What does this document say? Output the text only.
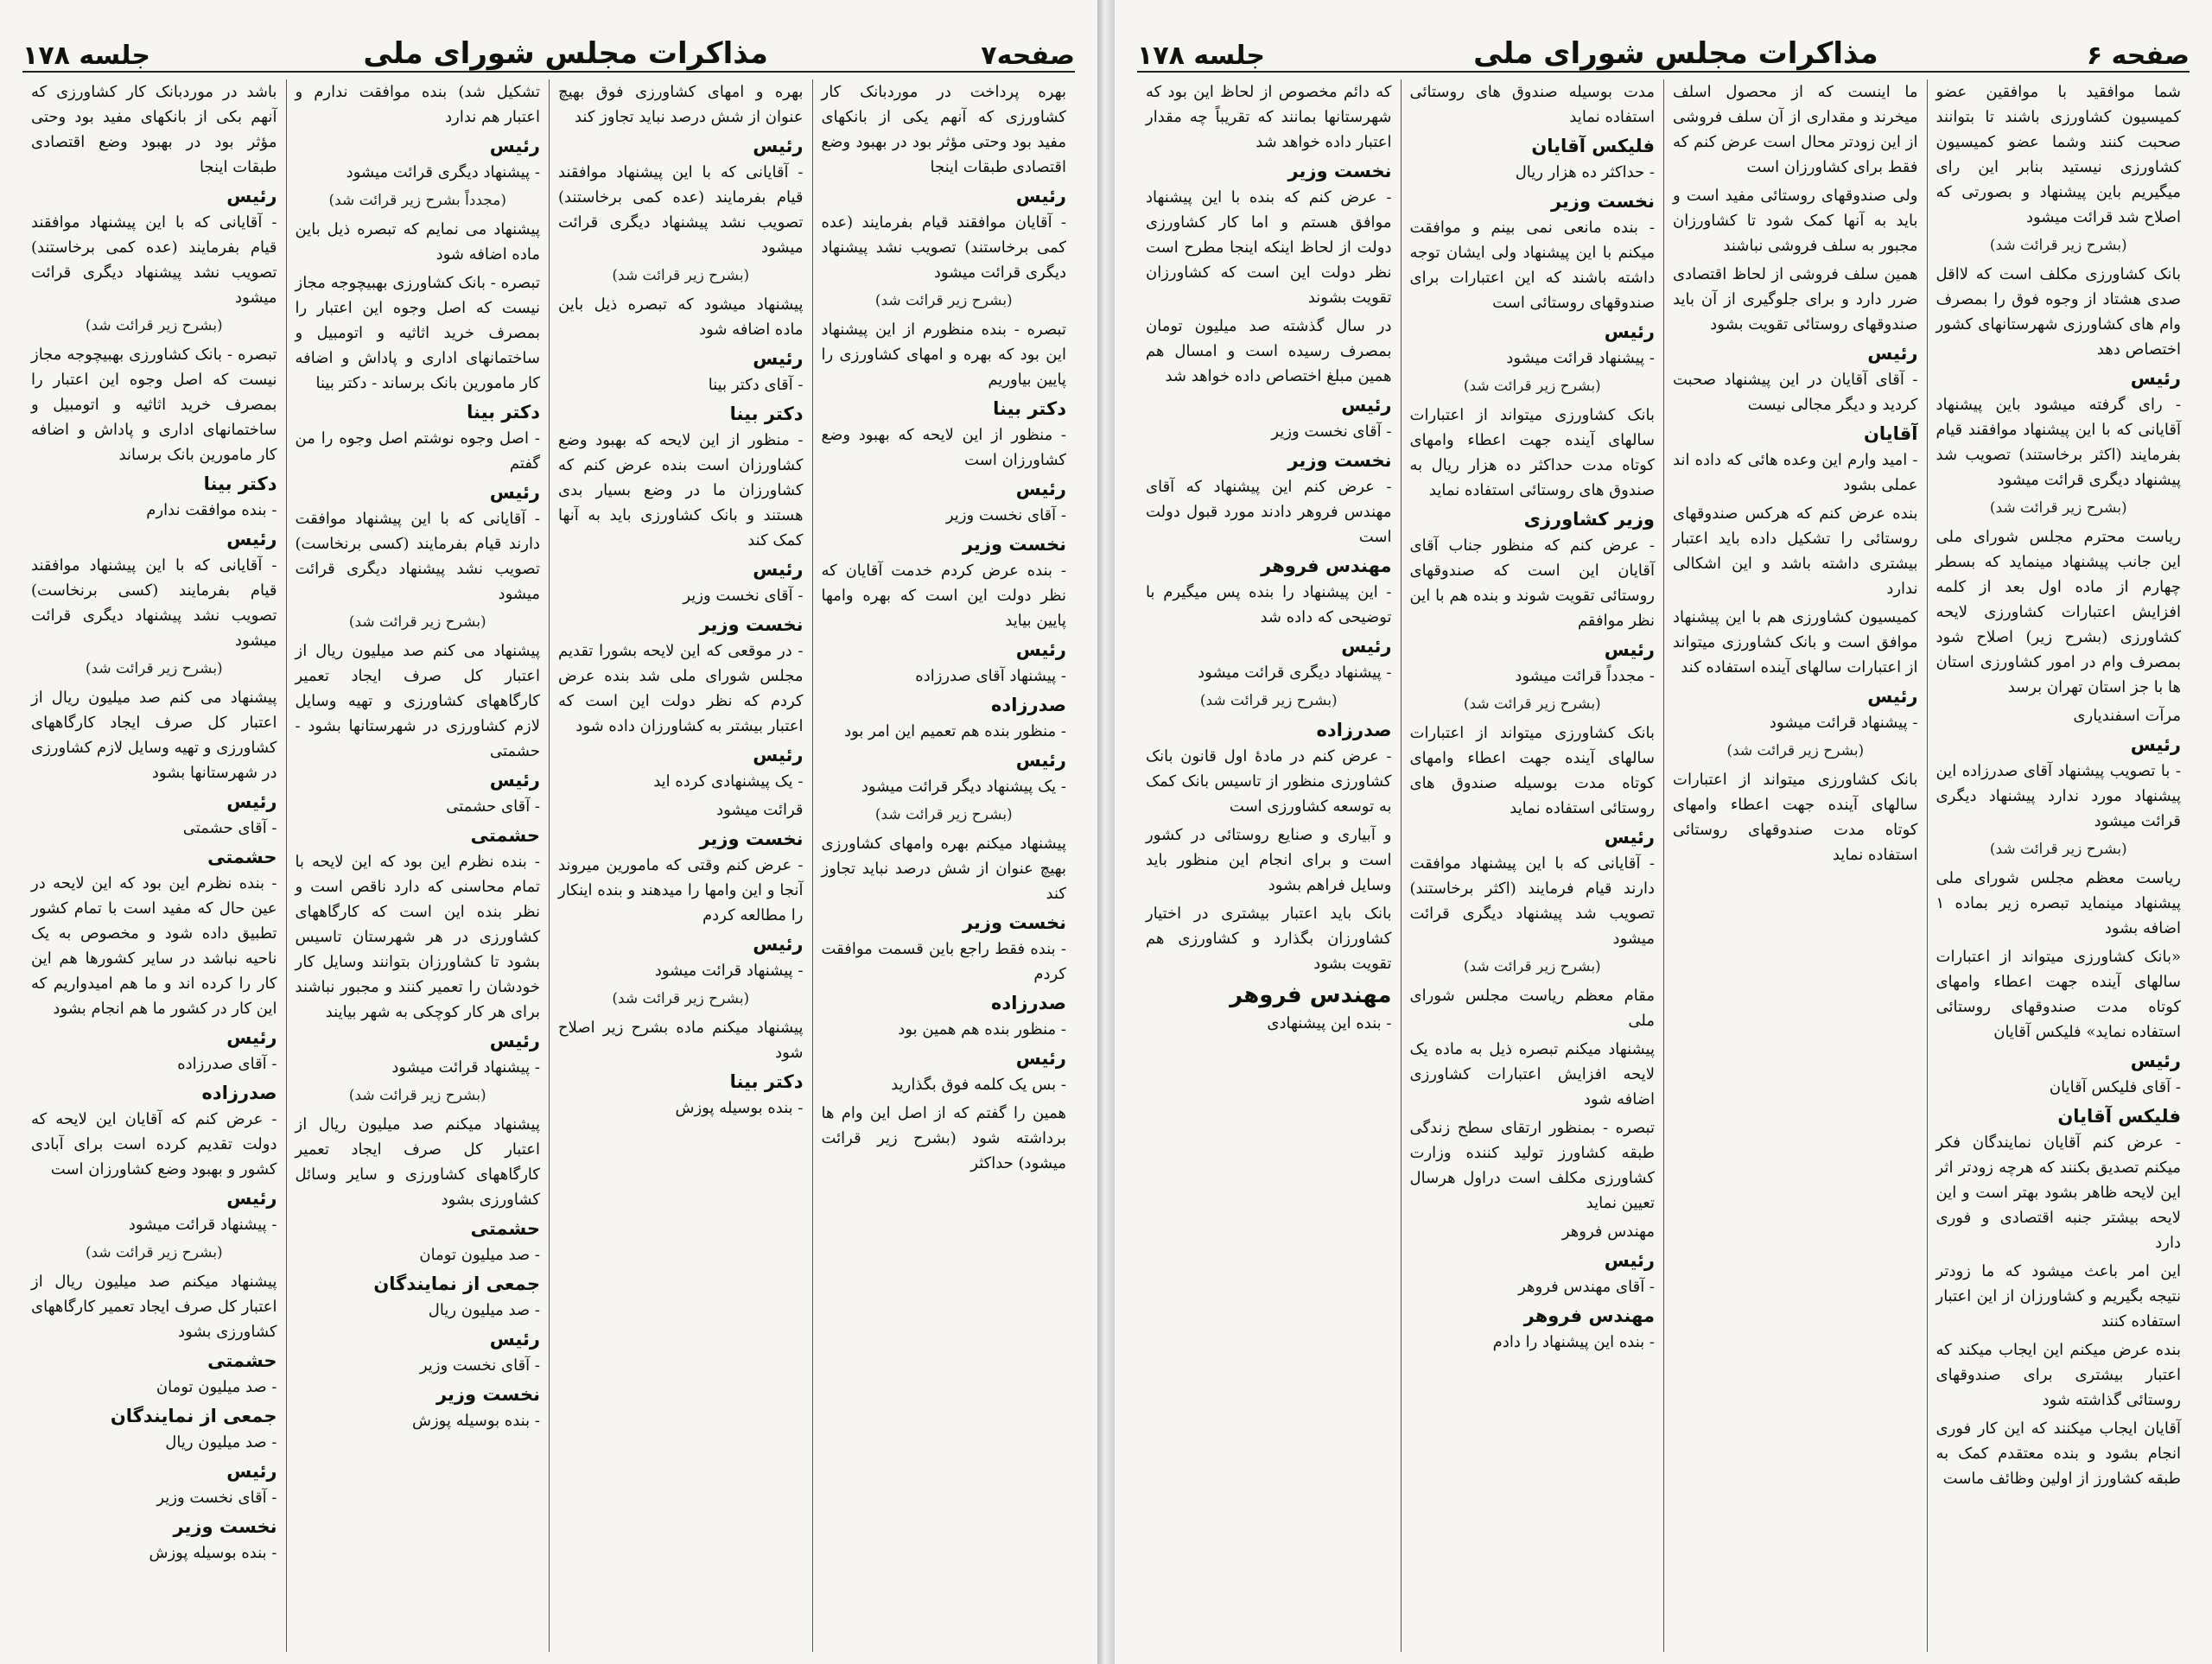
صفحه۷
مذاکرات مجلس شورای ملی
جلسه ۱۷۸

بهره پرداخت در موردبانک کار کشاورزی که آنهم یکی از بانکهای مفید بود وحتی مؤثر بود در بهبود وضع اقتصادی طبقات اینجا

رئیس

- آقایان موافقند قیام بفرمایند (عده کمی برخاستند) تصویب نشد پیشنهاد دیگری قرائت میشود

(بشرح زیر قرائت شد)

تبصره - بنده منظورم از این پیشنهاد این بود که بهره و امهای کشاورزی را پایین بیاوریم

دکتر بینا

- منظور از این لایحه که بهبود وضع کشاورزان است

رئیس

- آقای نخست وزیر

نخست وزیر

- بنده عرض کردم خدمت آقایان که نظر دولت این است که بهره وامها پایین بیاید

رئیس

- پیشنهاد آقای صدرزاده

صدرزاده

- منظور بنده هم تعمیم این امر بود

رئیس

- یک پیشنهاد دیگر قرائت میشود

(بشرح زیر قرائت شد)

پیشنهاد میکنم بهره وامهای کشاورزی بهیچ عنوان از شش درصد نباید تجاوز کند

نخست وزیر

- بنده فقط راجع باین قسمت موافقت کردم

صدرزاده

- منظور بنده هم همین بود

رئیس

- بس یک کلمه فوق بگذارید

همین را گفتم که از اصل این وام ها برداشته شود (بشرح زیر قرائت میشود) حداکثر

بهره و امهای کشاورزی فوق بهیچ عنوان از شش درصد نباید تجاوز کند

رئیس

- آقایانی که با این پیشنهاد موافقند قیام بفرمایند (عده کمی برخاستند) تصویب نشد پیشنهاد دیگری قرائت میشود

(بشرح زیر قرائت شد)

پیشنهاد میشود که تبصره ذیل باین ماده اضافه شود

رئیس

- آقای دکتر بینا

دکتر بینا

- منظور از این لایحه که بهبود وضع کشاورزان است بنده عرض کنم که کشاورزان ما در وضع بسیار بدی هستند و بانک کشاورزی باید به آنها کمک کند

رئیس

- آقای نخست وزیر

نخست وزیر

- در موقعی که این لایحه بشورا تقدیم مجلس شورای ملی شد بنده عرض کردم که نظر دولت این است که اعتبار بیشتر به کشاورزان داده شود

رئیس

- یک پیشنهادی کرده اید

قرائت میشود

نخست وزیر

- عرض کنم وقتی که مامورین میروند آنجا و این وامها را میدهند و بنده اینکار را مطالعه کردم

رئیس

- پیشنهاد قرائت میشود

(بشرح زیر قرائت شد)

پیشنهاد میکنم ماده بشرح زیر اصلاح شود

دکتر بینا

- بنده بوسیله پوزش

تشکیل شد) بنده موافقت ندارم و اعتبار هم ندارد

رئیس

- پیشنهاد دیگری قرائت میشود

(مجدداً بشرح زیر قرائت شد)

پیشنهاد می نمایم که تبصره ذیل باین ماده اضافه شود

تبصره - بانک کشاورزی بهبیچوجه مجاز نیست که اصل وجوه این اعتبار را بمصرف خرید اثاثیه و اتومبیل و ساختمانهای اداری و پاداش و اضافه کار مامورین بانک برساند - دکتر بینا

دکتر بینا

- اصل وجوه نوشتم اصل وجوه را من گفتم

رئیس

- آقایانی که با این پیشنهاد موافقت دارند قیام بفرمایند (کسی برنخاست) تصویب نشد پیشنهاد دیگری قرائت میشود

(بشرح زیر قرائت شد)

پیشنهاد می کنم صد میلیون ریال از اعتبار کل صرف ایجاد تعمیر کارگاههای کشاورزی و تهیه وسایل لازم کشاورزی در شهرستانها بشود - حشمتی

رئیس

- آقای حشمتی

حشمتی

- بنده نظرم این بود که این لایحه با تمام محاسنی که دارد ناقص است و نظر بنده این است که کارگاههای کشاورزی در هر شهرستان تاسیس بشود تا کشاورزان بتوانند وسایل کار خودشان را تعمیر کنند و مجبور نباشند برای هر کار کوچکی به شهر بیایند

رئیس

- پیشنهاد قرائت میشود

(بشرح زیر قرائت شد)

پیشنهاد میکنم صد میلیون ریال از اعتبار کل صرف ایجاد تعمیر کارگاههای کشاورزی و سایر وسائل کشاورزی بشود

حشمتی

- صد میلیون تومان

جمعی از نمایندگان

- صد میلیون ریال

رئیس

- آقای نخست وزیر

نخست وزیر

- بنده بوسیله پوزش

باشد در موردبانک کار کشاورزی که آنهم بکی از بانکهای مفید بود وحتی مؤثر بود در بهبود وضع اقتصادی طبقات اینجا

رئیس

- آقایانی که با این پیشنهاد موافقند قیام بفرمایند (عده کمی برخاستند) تصویب نشد پیشنهاد دیگری قرائت میشود

(بشرح زیر قرائت شد)

تبصره - بانک کشاورزی بهبیچوجه مجاز نیست که اصل وجوه این اعتبار را بمصرف خرید اثاثیه و اتومبیل و ساختمانهای اداری و پاداش و اضافه کار مامورین بانک برساند

دکتر بینا

- بنده موافقت ندارم

رئیس

- آقایانی که با این پیشنهاد موافقند قیام بفرمایند (کسی برنخاست) تصویب نشد پیشنهاد دیگری قرائت میشود

(بشرح زیر قرائت شد)

پیشنهاد می کنم صد میلیون ریال از اعتبار کل صرف ایجاد کارگاههای کشاورزی و تهیه وسایل لازم کشاورزی در شهرستانها بشود

رئیس

- آقای حشمتی

حشمتی

- بنده نظرم این بود که این لایحه در عین حال که مفید است با تمام کشور تطبیق داده شود و مخصوص به یک ناحیه نباشد در سایر کشورها هم این کار را کرده اند و ما هم امیدواریم که این کار در کشور ما هم انجام بشود

رئیس

- آقای صدرزاده

صدرزاده

- عرض کنم که آقایان این لایحه که دولت تقدیم کرده است برای آبادی کشور و بهبود وضع کشاورزان است

رئیس

- پیشنهاد قرائت میشود

(بشرح زیر قرائت شد)

پیشنهاد میکنم صد میلیون ریال از اعتبار کل صرف ایجاد تعمیر کارگاههای کشاورزی بشود

حشمتی

- صد میلیون تومان

جمعی از نمایندگان

- صد میلیون ریال

رئیس

- آقای نخست وزیر

نخست وزیر

- بنده بوسیله پوزش

صفحه ۶
مذاکرات مجلس شورای ملی
جلسه ۱۷۸

شما موافقید با موافقین عضو کمیسیون کشاورزی باشند تا بتوانند صحبت کنند وشما عضو کمیسیون کشاورزی نیستید بنابر این رای میگیریم باین پیشنهاد و بصورتی که اصلاح شد قرائت میشود

(بشرح زیر قرائت شد)

بانک کشاورزی مکلف است که لااقل صدی هشتاد از وجوه فوق را بمصرف وام های کشاورزی شهرستانهای کشور اختصاص دهد

رئیس

- رای گرفته میشود باین پیشنهاد آقایانی که با این پیشنهاد موافقند قیام بفرمایند (اکثر برخاستند) تصویب شد پیشنهاد دیگری قرائت میشود

(بشرح زیر قرائت شد)

ریاست محترم مجلس شورای ملی این جانب پیشنهاد مینماید که بسطر چهارم از ماده اول بعد از کلمه افزایش اعتبارات کشاورزی لایحه کشاورزی (بشرح زیر) اصلاح شود بمصرف وام در امور کشاورزی استان ها با جز استان تهران برسد

مرآت اسفندیاری

رئیس

- با تصویب پیشنهاد آقای صدرزاده این پیشنهاد مورد ندارد پیشنهاد دیگری قرائت میشود

(بشرح زیر قرائت شد)

ریاست معظم مجلس شورای ملی پیشنهاد مینماید تبصره زیر بماده ۱ اضافه بشود

«بانک کشاورزی میتواند از اعتبارات سالهای آینده جهت اعطاء وامهای کوتاه مدت صندوقهای روستائی استفاده نماید» فلیکس آقایان

رئیس

- آقای فلیکس آقایان

فلیکس آقایان

- عرض کنم آقایان نمایندگان فکر میکنم تصدیق بکنند که هرچه زودتر اثر این لایحه ظاهر بشود بهتر است و این لایحه بیشتر جنبه اقتصادی و فوری دارد

این امر باعث میشود که ما زودتر نتیجه بگیریم و کشاورزان از این اعتبار استفاده کنند

بنده عرض میکنم این ایجاب میکند که اعتبار بیشتری برای صندوقهای روستائی گذاشته شود

آقایان ایجاب میکنند که این کار فوری انجام بشود و بنده معتقدم کمک به طبقه کشاورز از اولین وظائف ماست

ما اینست که از محصول اسلف میخرند و مقداری از آن سلف فروشی از این زودتر محال است عرض کنم که فقط برای کشاورزان است

ولی صندوقهای روستائی مفید است و باید به آنها کمک شود تا کشاورزان مجبور به سلف فروشی نباشند

همین سلف فروشی از لحاظ اقتصادی ضرر دارد و برای جلوگیری از آن باید صندوقهای روستائی تقویت بشود

رئیس

- آقای آقایان در این پیشنهاد صحبت کردید و دیگر مجالی نیست

آقایان

- امید وارم این وعده هائی که داده اند عملی بشود

بنده عرض کنم که هرکس صندوقهای روستائی را تشکیل داده باید اعتبار بیشتری داشته باشد و این اشکالی ندارد

کمیسیون کشاورزی هم با این پیشنهاد موافق است و بانک کشاورزی میتواند از اعتبارات سالهای آینده استفاده کند

رئیس

- پیشنهاد قرائت میشود

(بشرح زیر قرائت شد)

بانک کشاورزی میتواند از اعتبارات سالهای آینده جهت اعطاء وامهای کوتاه مدت صندوقهای روستائی استفاده نماید

مدت بوسیله صندوق های روستائی استفاده نماید

فلیکس آقایان

- حداکثر ده هزار ریال

نخست وزیر

- بنده مانعی نمی بینم و موافقت میکنم با این پیشنهاد ولی ایشان توجه داشته باشند که این اعتبارات برای صندوقهای روستائی است

رئیس

- پیشنهاد قرائت میشود

(بشرح زیر قرائت شد)

بانک کشاورزی میتواند از اعتبارات سالهای آینده جهت اعطاء وامهای کوتاه مدت حداکثر ده هزار ریال به صندوق های روستائی استفاده نماید

وزیر کشاورزی

- عرض کنم که منظور جناب آقای آقایان این است که صندوقهای روستائی تقویت شوند و بنده هم با این نظر موافقم

رئیس

- مجدداً قرائت میشود

(بشرح زیر قرائت شد)

بانک کشاورزی میتواند از اعتبارات سالهای آینده جهت اعطاء وامهای کوتاه مدت بوسیله صندوق های روستائی استفاده نماید

رئیس

- آقایانی که با این پیشنهاد موافقت دارند قیام فرمایند (اکثر برخاستند) تصویب شد پیشنهاد دیگری قرائت میشود

(بشرح زیر قرائت شد)

مقام معظم ریاست مجلس شورای ملی

پیشنهاد میکنم تبصره ذیل به ماده یک لایحه افزایش اعتبارات کشاورزی اضافه شود

تبصره - بمنظور ارتقای سطح زندگی طبقه کشاورز تولید کننده وزارت کشاورزی مکلف است دراول هرسال تعیین نماید

مهندس فروهر

رئیس

- آقای مهندس فروهر

مهندس فروهر

- بنده این پیشنهاد را دادم

که دائم مخصوص از لحاظ این بود که شهرستانها بمانند که تقریباً چه مقدار اعتبار داده خواهد شد

نخست وزیر

- عرض کنم که بنده با این پیشنهاد موافق هستم و اما کار کشاورزی دولت از لحاظ اینکه اینجا مطرح است نظر دولت این است که کشاورزان تقویت بشوند

در سال گذشته صد میلیون تومان بمصرف رسیده است و امسال هم همین مبلغ اختصاص داده خواهد شد

رئیس

- آقای نخست وزیر

نخست وزیر

- عرض کنم این پیشنهاد که آقای مهندس فروهر دادند مورد قبول دولت است

مهندس فروهر

- این پیشنهاد را بنده پس میگیرم با توضیحی که داده شد

رئیس

- پیشنهاد دیگری قرائت میشود

(بشرح زیر قرائت شد)
صدرزاده

- عرض کنم در مادۀ اول قانون بانک کشاورزی منظور از تاسیس بانک کمک به توسعه کشاورزی است

و آبیاری و صنایع روستائی در کشور است و برای انجام این منظور باید وسایل فراهم بشود

بانک باید اعتبار بیشتری در اختیار کشاورزان بگذارد و کشاورزی هم تقویت بشود

مهندس فروهر

- بنده این پیشنهادی
